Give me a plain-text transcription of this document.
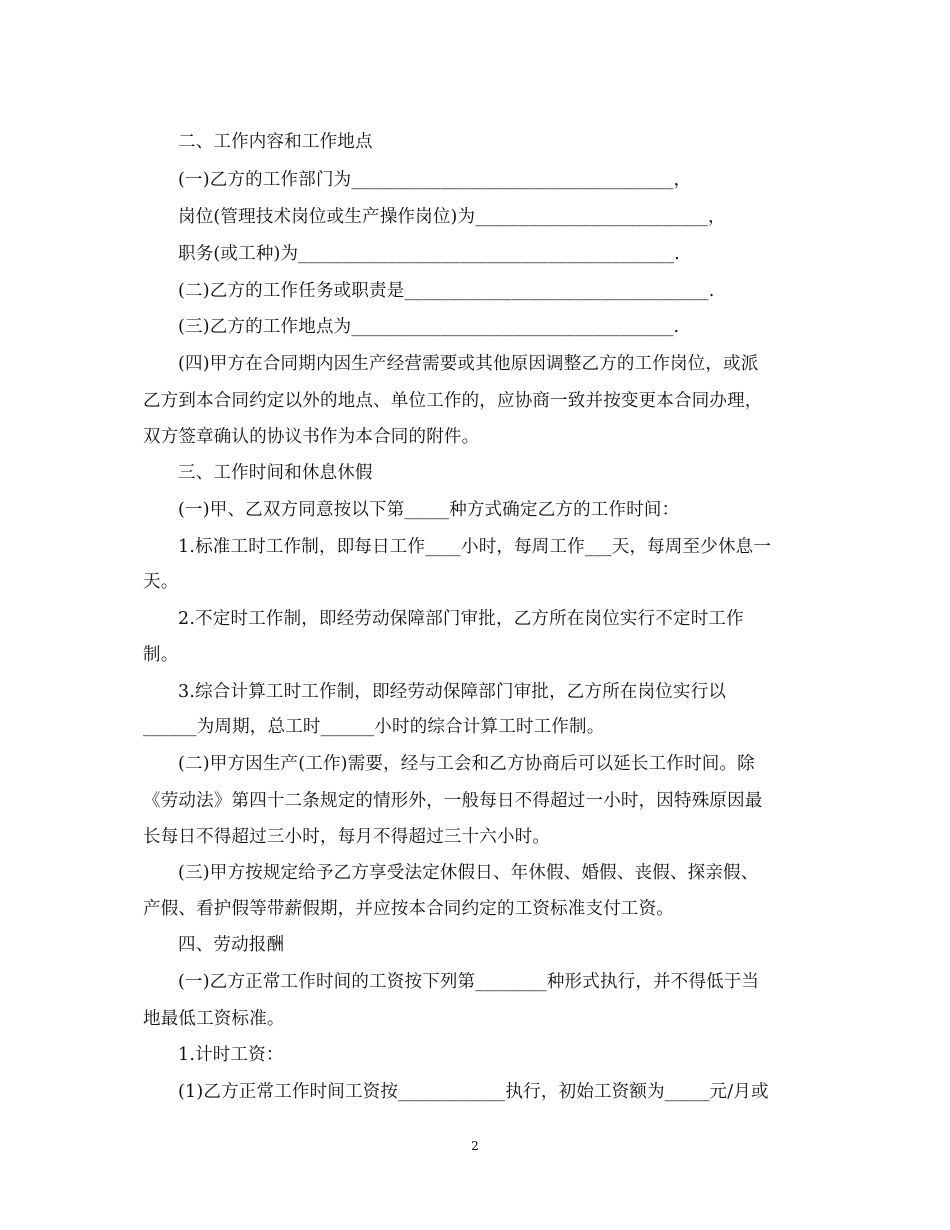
二、工作内容和工作地点
(一)乙方的工作部门为____________________________________，
岗位(管理技术岗位或生产操作岗位)为__________________________，
职务(或工种)为__________________________________________.
(二)乙方的工作任务或职责是__________________________________.
(三)乙方的工作地点为____________________________________.
(四)甲方在合同期内因生产经营需要或其他原因调整乙方的工作岗位，或派
乙方到本合同约定以外的地点、单位工作的，应协商一致并按变更本合同办理，
双方签章确认的协议书作为本合同的附件。
三、工作时间和休息休假
(一)甲、乙双方同意按以下第_____种方式确定乙方的工作时间：
1.标准工时工作制，即每日工作____小时，每周工作___天，每周至少休息一
天。
2.不定时工作制，即经劳动保障部门审批，乙方所在岗位实行不定时工作
制。
3.综合计算工时工作制，即经劳动保障部门审批，乙方所在岗位实行以
______为周期，总工时______小时的综合计算工时工作制。
(二)甲方因生产(工作)需要，经与工会和乙方协商后可以延长工作时间。除
《劳动法》第四十二条规定的情形外，一般每日不得超过一小时，因特殊原因最
长每日不得超过三小时，每月不得超过三十六小时。
(三)甲方按规定给予乙方享受法定休假日、年休假、婚假、丧假、探亲假、
产假、看护假等带薪假期，并应按本合同约定的工资标准支付工资。
四、劳动报酬
(一)乙方正常工作时间的工资按下列第________种形式执行，并不得低于当
地最低工资标准。
1.计时工资：
(1)乙方正常工作时间工资按____________执行，初始工资额为_____元/月或
2
